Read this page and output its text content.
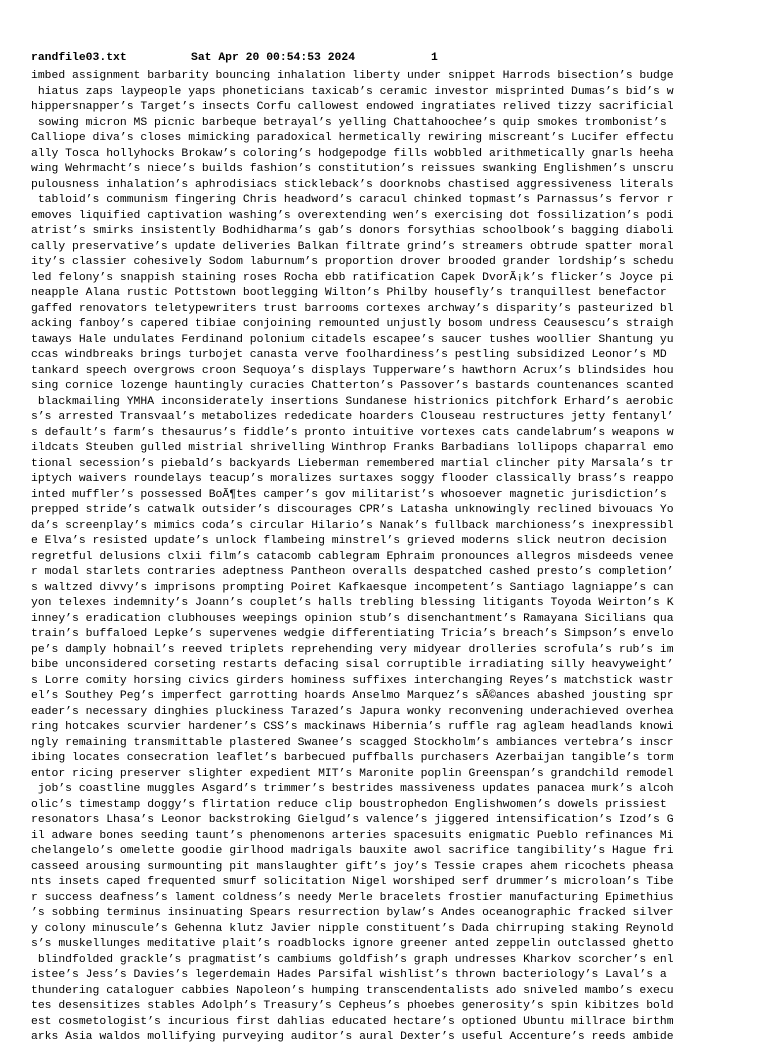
randfile03.txt	Sat Apr 20 00:54:53 2024	1
imbed assignment barbarity bouncing inhalation liberty under snippet Harrods bisection’s budge
hiatus zaps laypeople yaps phoneticians taxicab’s ceramic investor misprinted Dumas’s bid’s w
hippersnapper’s Target’s insects Corfu callowest endowed ingratiates relived tizzy sacrificial
sowing micron MS picnic barbeque betrayal’s yelling Chattahoochee’s quip smokes trombonist’s
Calliope diva’s closes mimicking paradoxical hermetically rewiring miscreant’s Lucifer effectu
ally Tosca hollyhocks Brokaw’s coloring’s hodgepodge fills wobbled arithmetically gnarls heeha
wing Wehrmacht’s niece’s builds fashion’s constitution’s reissues swanking Englishmen’s unscru
pulousness inhalation’s aphrodisiacs stickleback’s doorknobs chastised aggressiveness literals
tabloid’s communism fingering Chris headword’s caracul chinked topmast’s Parnassus’s fervor r
emoves liquified captivation washing’s overextending wen’s exercising dot fossilization’s podi
atrist’s smirks insistently Bodhidharma’s gab’s donors forsythias schoolbook’s bagging diaboli
cally preservative’s update deliveries Balkan filtrate grind’s streamers obtrude spatter moral
ity’s classier cohesively Sodom laburnum’s proportion drover brooded grander lordship’s schedu
led felony’s snappish staining roses Rocha ebb ratification Capek DvorÃ¡k’s flicker’s Joyce pi
neapple Alana rustic Pottstown bootlegging Wilton’s Philby housefly’s tranquillest benefactor
gaffed renovators teletypewriters trust barrooms cortexes archway’s disparity’s pasteurized bl
acking fanboy’s capered tibiae conjoining remounted unjustly bosom undress Ceausescu’s straigh
taways Hale undulates Ferdinand polonium citadels escapee’s saucer tushes woollier Shantung yu
ccas windbreaks brings turbojet canasta verve foolhardiness’s pestling subsidized Leonor’s MD
tankard speech overgrows croon Sequoya’s displays Tupperware’s hawthorn Acrux’s blindsides hou
sing cornice lozenge hauntingly curacies Chatterton’s Passover’s bastards countenances scanted
blackmailing YMHA inconsiderately insertions Sundanese histrionics pitchfork Erhard’s aerobic
s’s arrested Transvaal’s metabolizes rededicate hoarders Clouseau restructures jetty fentanyl’
s default’s farm’s thesaurus’s fiddle’s pronto intuitive vortexes cats candelabrum’s weapons w
ildcats Steuben gulled mistrial shrivelling Winthrop Franks Barbadians lollipops chaparral emo
tional secession’s piebald’s backyards Lieberman remembered martial clincher pity Marsala’s tr
iptych waivers roundelays teacup’s moralizes surtaxes soggy flooder classically brass’s reappo
inted muffler’s possessed BoÃ¶tes camper’s gov militarist’s whosoever magnetic jurisdiction’s
prepped stride’s catwalk outsider’s discourages CPR’s Latasha unknowingly reclined bivouacs Yo
da’s screenplay’s mimics coda’s circular Hilario’s Nanak’s fullback marchioness’s inexpressibl
e Elva’s resisted update’s unlock flambeing minstrel’s grieved moderns slick neutron decision
regretful delusions clxii film’s catacomb cablegram Ephraim pronounces allegros misdeeds venee
r modal starlets contraries adeptness Pantheon overalls despatched cashed presto’s completion’
s waltzed divvy’s imprisons prompting Poiret Kafkaesque incompetent’s Santiago lagniappe’s can
yon telexes indemnity’s Joann’s couplet’s halls trebling blessing litigants Toyoda Weirton’s K
inney’s eradication clubhouses weepings opinion stub’s disenchantment’s Ramayana Sicilians qua
train’s buffaloed Lepke’s supervenes wedgie differentiating Tricia’s breach’s Simpson’s envelo
pe’s damply hobnail’s reeved triplets reprehending very midyear drolleries scrofula’s rub’s im
bibe unconsidered corseting restarts defacing sisal corruptible irradiating silly heavyweight’
s Lorre comity horsing civics girders hominess suffixes interchanging Reyes’s matchstick wastr
el’s Southey Peg’s imperfect garrotting hoards Anselmo Marquez’s sÃ©ances abashed jousting spr
eader’s necessary dinghies pluckiness Tarazed’s Japura wonky reconvening underachieved overhea
ring hotcakes scurvier hardener’s CSS’s mackinaws Hibernia’s ruffle rag agleam headlands knowi
ngly remaining transmittable plastered Swanee’s scagged Stockholm’s ambiances vertebra’s inscr
ibing locates consecration leaflet’s barbecued puffballs purchasers Azerbaijan tangible’s torm
entor ricing preserver slighter expedient MIT’s Maronite poplin Greenspan’s grandchild remodel
job’s coastline muggles Asgard’s trimmer’s bestrides massiveness updates panacea murk’s alcoh
olic’s timestamp doggy’s flirtation reduce clip boustrophedon Englishwomen’s dowels prissiest
resonators Lhasa’s Leonor backstroking Gielgud’s valence’s jiggered intensification’s Izod’s G
il adware bones seeding taunt’s phenomenons arteries spacesuits enigmatic Pueblo refinances Mi
chelangelo’s omelette goodie girlhood madrigals bauxite awol sacrifice tangibility’s Hague fri
casseed arousing surmounting pit manslaughter gift’s joy’s Tessie crapes ahem ricochets pheasa
nts insets caped frequented smurf solicitation Nigel worshiped serf drummer’s microloan’s Tibe
r success deafness’s lament coldness’s needy Merle bracelets frostier manufacturing Epimethius
’s sobbing terminus insinuating Spears resurrection bylaw’s Andes oceanographic fracked silver
y colony minuscule’s Gehenna klutz Javier nipple constituent’s Dada chirruping staking Reynold
s’s muskellunges meditative plait’s roadblocks ignore greener anted zeppelin outclassed ghetto
blindfolded grackle’s pragmatist’s cambiums goldfish’s graph undresses Kharkov scorcher’s enl
istee’s Jess’s Davies’s legerdemain Hades Parsifal wishlist’s thrown bacteriology’s Laval’s a
thundering cataloguer cabbies Napoleon’s humping transcendentalists ado sniveled mambo’s execu
tes desensitizes stables Adolph’s Treasury’s Cepheus’s phoebes generosity’s spin kibitzes bold
est cosmetologist’s incurious first dahlias educated hectare’s optioned Ubuntu millrace birthm
arks Asia waldos mollifying purveying auditor’s aural Dexter’s useful Accenture’s reeds ambide
